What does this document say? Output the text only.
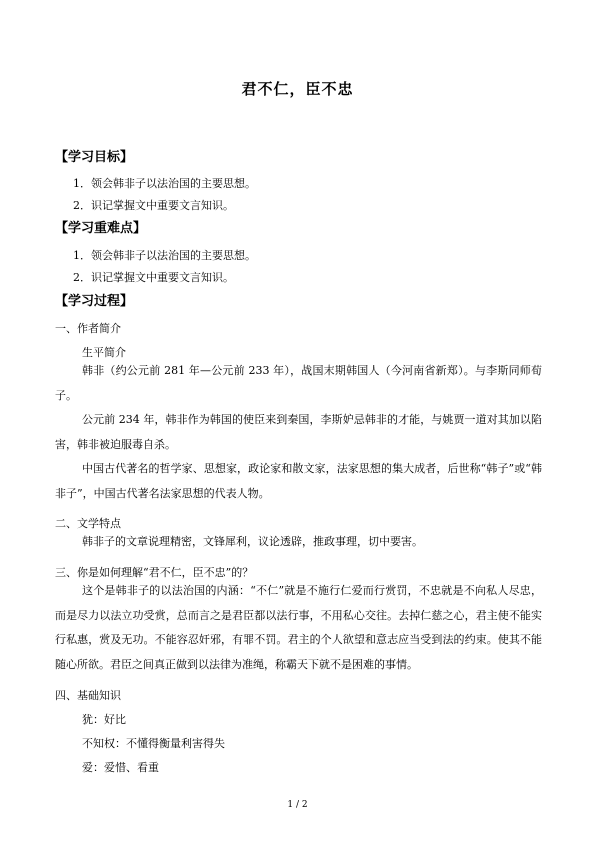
君不仁，臣不忠
【学习目标】
1．领会韩非子以法治国的主要思想。
2．识记掌握文中重要文言知识。
【学习重难点】
1．领会韩非子以法治国的主要思想。
2．识记掌握文中重要文言知识。
【学习过程】
一、作者简介
生平简介
韩非（约公元前 281 年—公元前 233 年），战国末期韩国人（今河南省新郑）。与李斯同师荀子。
公元前 234 年，韩非作为韩国的使臣来到秦国，李斯妒忌韩非的才能，与姚贾一道对其加以陷害，韩非被迫服毒自杀。
中国古代著名的哲学家、思想家，政论家和散文家，法家思想的集大成者，后世称“韩子”或“韩非子”，中国古代著名法家思想的代表人物。
二、文学特点
韩非子的文章说理精密，文锋犀利，议论透辟，推政事理，切中要害。
三、你是如何理解“君不仁，臣不忠”的？
这个是韩非子的以法治国的内涵：“不仁”就是不施行仁爱而行赏罚，不忠就是不向私人尽忠，而是尽力以法立功受赏，总而言之是君臣都以法行事，不用私心交往。去掉仁慈之心，君主使不能实行私惠，赏及无功。不能容忍奸邪，有罪不罚。君主的个人欲望和意志应当受到法的约束。使其不能随心所欲。君臣之间真正做到以法律为准绳，称霸天下就不是困难的事情。
四、基础知识
犹：好比
不知权：不懂得衡量利害得失
爱：爱惜、看重
1 / 2
